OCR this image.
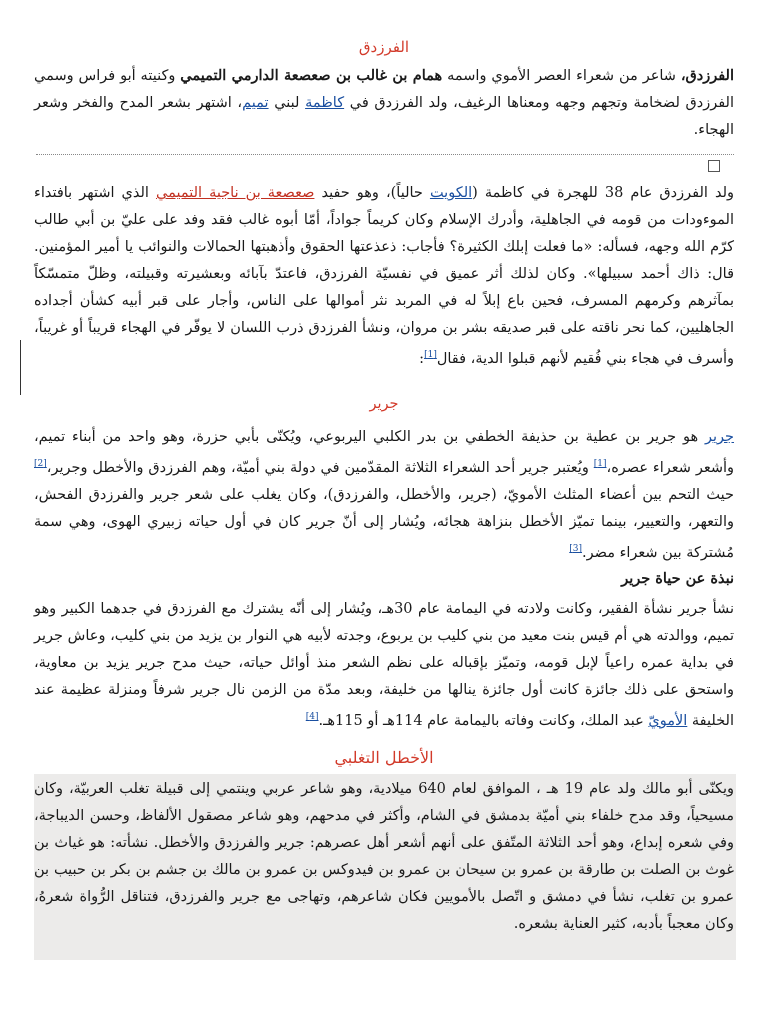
الفرزدق
الفرزدق، شاعر من شعراء العصر الأموي واسمه همام بن غالب بن صعصعة الدارمي التميمي وكنيته أبو فراس وسمي الفرزدق لضخامة وتجهم وجهه ومعناها الرغيف، ولد الفرزدق في كاظمة لبني تميم، اشتهر بشعر المدح والفخر وشعر الهجاء.
ولد الفرزدق عام 38 للهجرة في كاظمة (الكويت حالياً)، وهو حفيد صعصعة بن ناجية التميمي الذي اشتهر بافتداء الموءودات من قومه في الجاهلية، وأدرك الإسلام وكان كريماً جواداً، أمّا أبوه غالب فقد وفد على عليّ بن أبي طالب كرّم الله وجهه، فسأله: «ما فعلت إبلك الكثيرة؟ فأجاب: ذعذعتها الحقوق وأذهبتها الحمالات والنوائب يا أمير المؤمنين. قال: ذاك أحمد سبيلها». وكان لذلك أثر عميق في نفسيّة الفرزدق، فاعتدّ بآبائه وبعشيرته وقبيلته، وظلّ متمسّكاً بمآثرهم وكرمهم المسرف، فحين باع إبلاً له في المربد نثر أموالها على الناس، وأجار على قبر أبيه كشأن أجداده الجاهليين، كما نحر ناقته على قبر صديقه بشر بن مروان، ونشأ الفرزدق ذرب اللسان لا يوفّر في الهجاء قريباً أو غريباً، وأسرف في هجاء بني فُقيم لأنهم قبلوا الدية، فقال[1]:
جرير
جرير هو جرير بن عطية بن حذيفة الخطفي بن بدر الكلبي اليربوعي، ويُكنّى بأبي حزرة، وهو واحد من أبناء تميم، وأشعر شعراء عصره،[1] ويُعتبر جرير أحد الشعراء الثلاثة المقدّمين في دولة بني أميّة، وهم الفرزدق والأخطل وجرير،[2] حيث التحم بين أعضاء المثلث الأمويّ، (جرير، والأخطل، والفرزدق)، وكان يغلب على شعر جرير والفرزدق الفحش، والتعهر، والتعيير، بينما تميّز الأخطل بنزاهة هجائه، ويُشار إلى أنّ جرير كان في أول حياته زبيري الهوى، وهي سمة مُشتركة بين شعراء مضر.[3]
نبذة عن حياة جرير
نشأ جرير نشأة الفقير، وكانت ولادته في اليمامة عام 30هـ، ويُشار إلى أنّه يشترك مع الفرزدق في جدهما الكبير وهو تميم، ووالدته هي أم قيس بنت معيد من بني كليب بن يربوع، وجدته لأبيه هي النوار بن يزيد من بني كليب، وعاش جرير في بداية عمره راعياً لإبل قومه، وتميّز بإقباله على نظم الشعر منذ أوائل حياته، حيث مدح جرير يزيد بن معاوية، واستحق على ذلك جائزة كانت أول جائزة ينالها من خليفة، وبعد مدّة من الزمن نال جرير شرفاً ومنزلة عظيمة عند الخليفة الأمويّ عبد الملك، وكانت وفاته باليمامة عام 114هـ أو 115هـ.[4]
الأخطل التغلبي
ويكنّى أبو مالك ولد عام 19 هـ ، الموافق لعام 640 ميلادية، وهو شاعر عربي وينتمي إلى قبيلة تغلب العربيّة، وكان مسيحياً، وقد مدح خلفاء بني أميّة بدمشق في الشام، وأكثر في مدحهم، وهو شاعر مصقول الألفاظ، وحسن الديباجة، وفي شعره إبداع، وهو أحد الثلاثة المتّفق على أنهم أشعر أهل عصرهم: جرير والفرزدق والأخطل. نشأته: هو غياث بن غوث بن الصلت بن طارقة بن عمرو بن سيحان بن عمرو بن فيدوكس بن عمرو بن مالك بن جشم بن بكر بن حبيب بن عمرو بن تغلب، نشأ في دمشق و اتّصل بالأمويين فكان شاعرهم، وتهاجى مع جرير والفرزدق، فتناقل الرُّواة شعرهُ، وكان معجباً بأدبه، كثير العناية بشعره.
